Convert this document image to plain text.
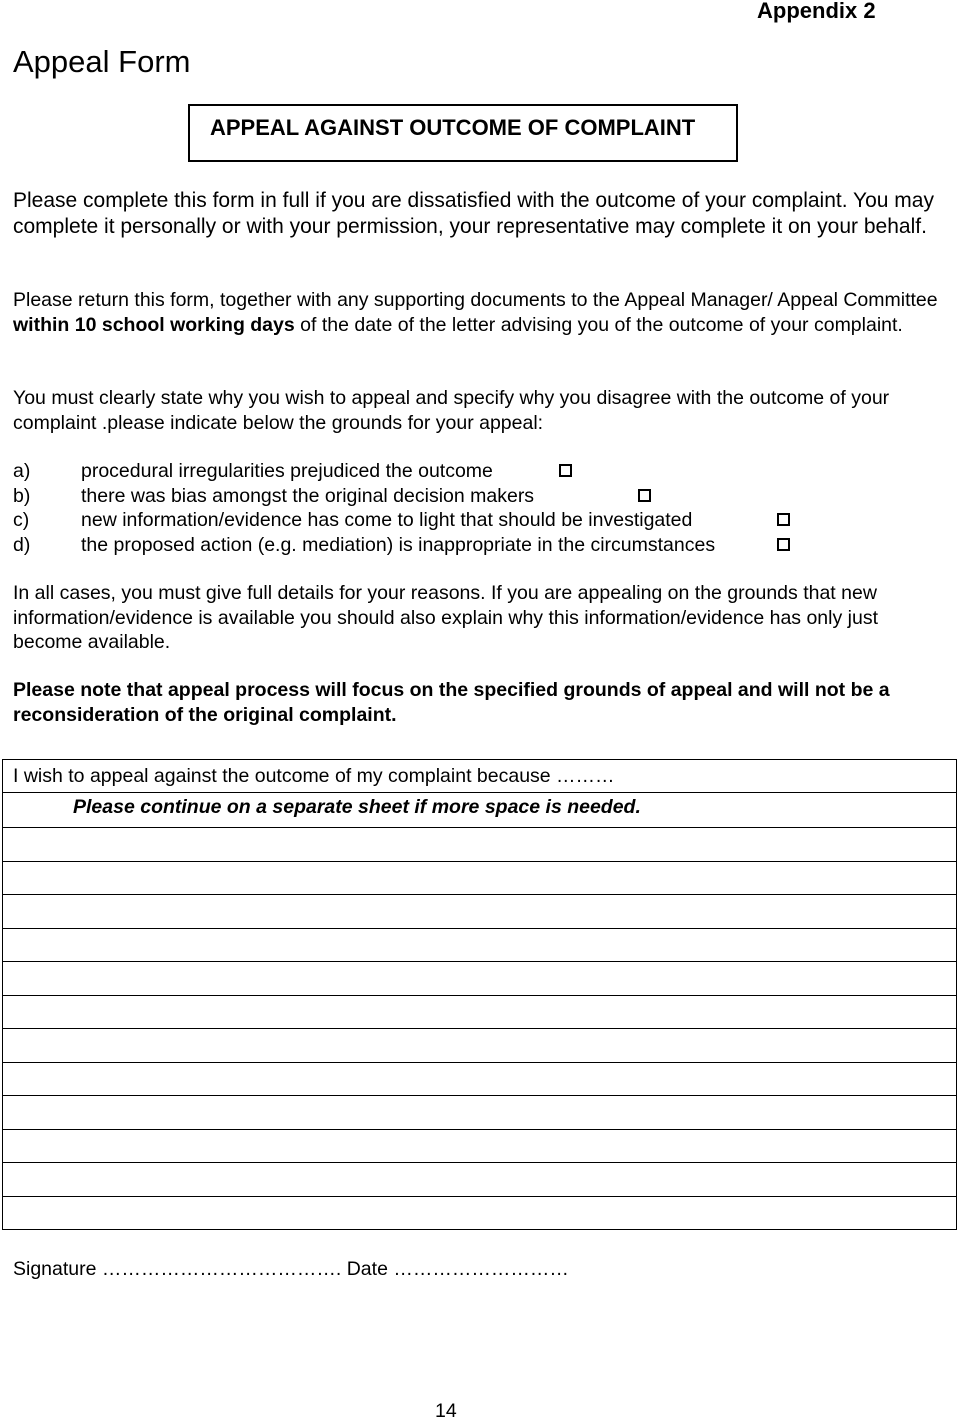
Appendix 2
Appeal Form
APPEAL AGAINST OUTCOME OF COMPLAINT
Please complete this form in full if you are dissatisfied with the outcome of your complaint. You may complete it personally or with your permission, your representative may complete it on your behalf.
Please return this form, together with any supporting documents to the Appeal Manager/ Appeal Committee within 10 school working days of the date of the letter advising you of the outcome of your complaint.
You must clearly state why you wish to appeal and specify why you disagree with the outcome of your complaint .please indicate below the grounds for your appeal:
a)	procedural irregularities prejudiced the outcome
b)	there was bias amongst the original decision makers
c)	new information/evidence has come to light that should be investigated
d)	the proposed action (e.g. mediation) is inappropriate in the circumstances
In all cases, you must give full details for your reasons. If you are appealing on the grounds that new information/evidence is available you should also explain why this information/evidence has only just become available.
Please note that appeal process will focus on the specified grounds of appeal and will not be a reconsideration of the original complaint.
I wish to appeal against the outcome of my complaint because ………
Please continue on a separate sheet if more space is needed.

Signature ………………………………. Date ………………………
14
